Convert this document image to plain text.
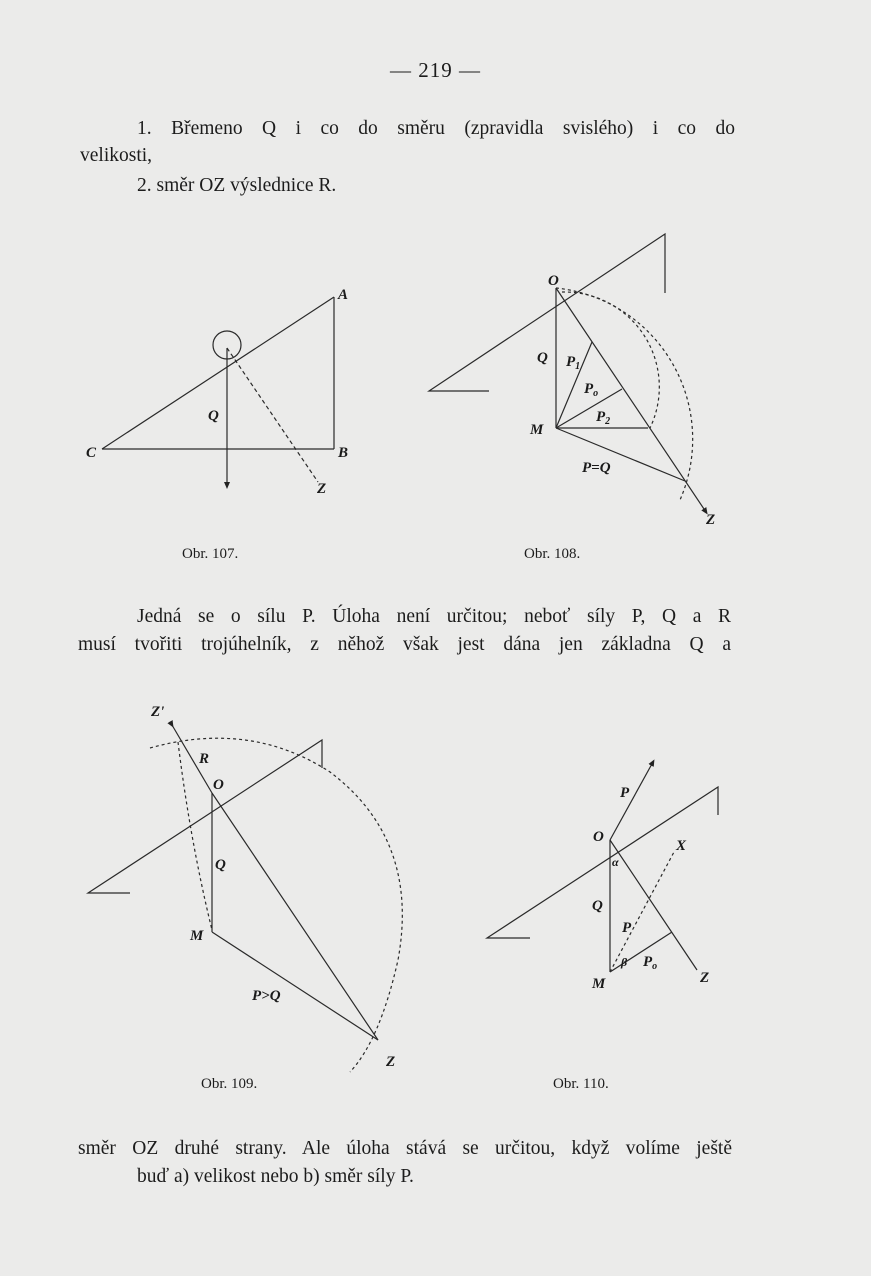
— 219 —
1. Břemeno Q i co do směru (zpravidla svislého) i co do
velikosti,
2. směr OZ výslednice R.
Jedná se o sílu P. Úloha není určitou; neboť síly P, Q a R
musí tvořiti trojúhelník, z něhož však jest dána jen základna Q a
směr OZ druhé strany. Ale úloha stává se určitou, když volíme ještě
buď a) velikost nebo b) směr síly P.
Obr. 107.	Obr. 108.
Obr. 109.	Obr. 110.
A
B
C
Q
Z
O
Q
M
$P_1$
$P_o$
$P_2$
P=Q
Z
Z'
R
O
Q
M
P>Q
Z
P
O
X
α
Q
P
β $P_o$
M	Z
